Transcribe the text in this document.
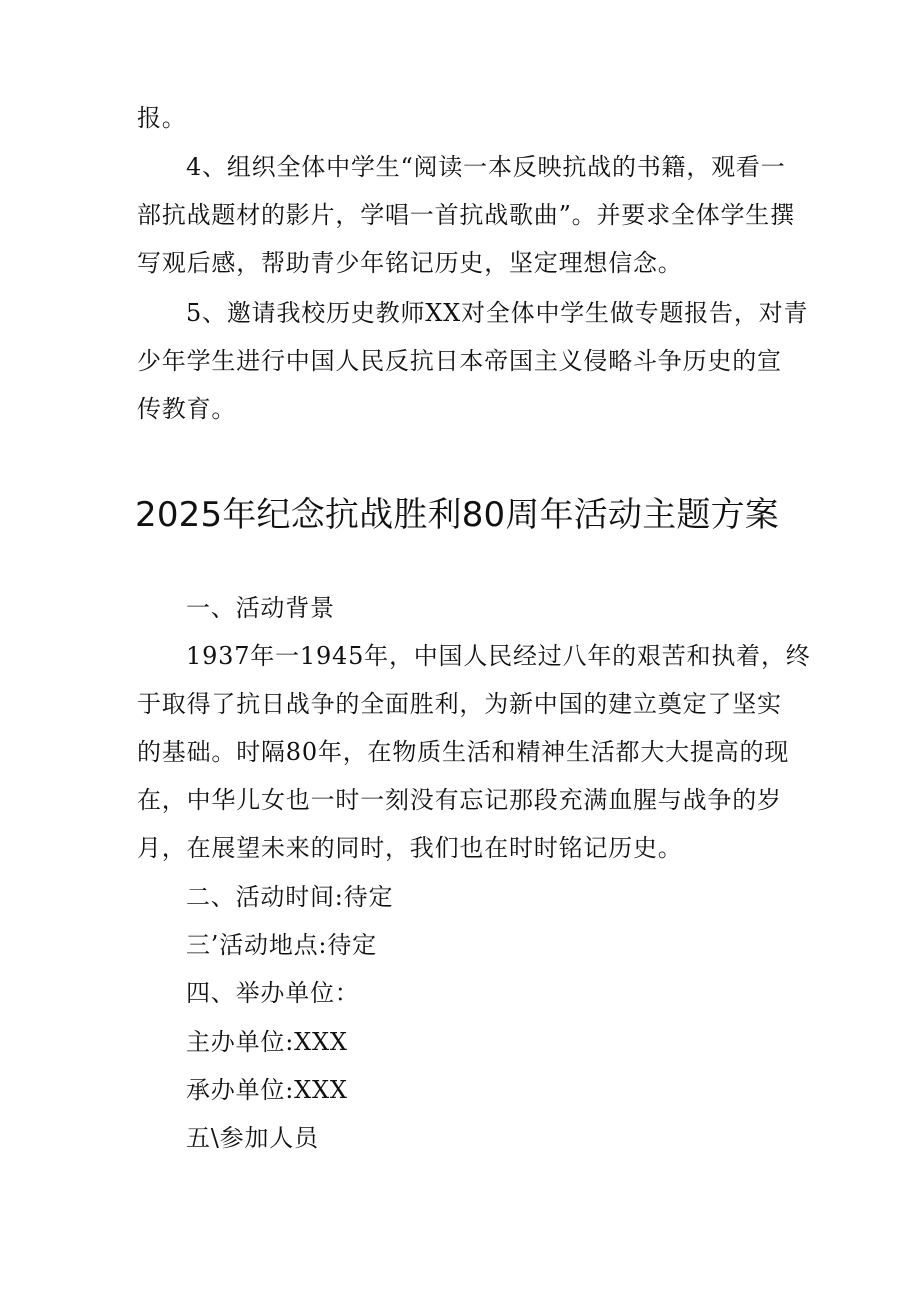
报。
4、组织全体中学生“阅读一本反映抗战的书籍，观看一
部抗战题材的影片，学唱一首抗战歌曲”。并要求全体学生撰
写观后感，帮助青少年铭记历史，坚定理想信念。
5、邀请我校历史教师XX对全体中学生做专题报告，对青
少年学生进行中国人民反抗日本帝国主义侵略斗争历史的宣
传教育。
2025年纪念抗战胜利80周年活动主题方案
一、活动背景
1937年一1945年，中国人民经过八年的艰苦和执着，终
于取得了抗日战争的全面胜利，为新中国的建立奠定了坚实
的基础。时隔80年，在物质生活和精神生活都大大提高的现
在，中华儿女也一时一刻没有忘记那段充满血腥与战争的岁
月，在展望未来的同时，我们也在时时铭记历史。
二、活动时间:待定
三’活动地点:待定
四、举办单位：
主办单位:XXX
承办单位:XXX
五\参加人员
